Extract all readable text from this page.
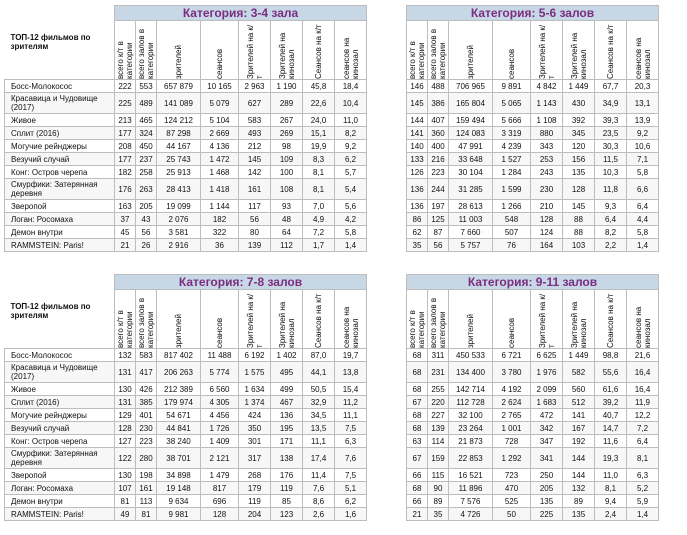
ТОП-12 фильмов по зрителям	Категория: 3-4 зала							

	всего к/т в категории	всего залов в категории	зрителей	сеансов	Зрителей на к/т	Зрителей на кинозал	Сеансов на к/т	сеансов на кинозал

Босс-Молокосос	222	553	657 879	10 165	2 963	1 190	45,8	18,4
Красавица и Чудовище (2017)	225	489	141 089	5 079	627	289	22,6	10,4
Живое	213	465	124 212	5 104	583	267	24,0	11,0
Сплит (2016)	177	324	87 298	2 669	493	269	15,1	8,2
Могучие рейнджеры	208	450	44 167	4 136	212	98	19,9	9,2
Везучий случай	177	237	25 743	1 472	145	109	8,3	6,2
Конг: Остров черепа	182	258	25 913	1 468	142	100	8,1	5,7
Смурфики: Затерянная деревня	176	263	28 413	1 418	161	108	8,1	5,4
Зверопой	163	205	19 099	1 144	117	93	7,0	5,6
Логан: Росомаха	37	43	2 076	182	56	48	4,9	4,2
Демон внутри	45	56	3 581	322	80	64	7,2	5,8
RAMMSTEIN: Paris!	21	26	2 916	36	139	112	1,7	1,4
Категория: 5-6 залов							

всего к/т в категории	всего залов в категории	зрителей	сеансов	Зрителей на к/т	Зрителей на кинозал	Сеансов на к/т	сеансов на кинозал

146	488	706 965	9 891	4 842	1 449	67,7	20,3
145	386	165 804	5 065	1 143	430	34,9	13,1
144	407	159 494	5 666	1 108	392	39,3	13,9
141	360	124 083	3 319	880	345	23,5	9,2
140	400	47 991	4 239	343	120	30,3	10,6
133	216	33 648	1 527	253	156	11,5	7,1
126	223	30 104	1 284	243	135	10,3	5,8
136	244	31 285	1 599	230	128	11,8	6,6
136	197	28 613	1 266	210	145	9,3	6,4
86	125	11 003	548	128	88	6,4	4,4
62	87	7 660	507	124	88	8,2	5,8
35	56	5 757	76	164	103	2,2	1,4
ТОП-12 фильмов по зрителям	Категория: 7-8 залов							

	всего к/т в категории	всего залов в категории	зрителей	сеансов	Зрителей на к/т	Зрителей на кинозал	Сеансов на к/т	сеансов на кинозал

Босс-Молокосос	132	583	817 402	11 488	6 192	1 402	87,0	19,7
Красавица и Чудовище (2017)	131	417	206 263	5 774	1 575	495	44,1	13,8
Живое	130	426	212 389	6 560	1 634	499	50,5	15,4
Сплит (2016)	131	385	179 974	4 305	1 374	467	32,9	11,2
Могучие рейнджеры	129	401	54 671	4 456	424	136	34,5	11,1
Везучий случай	128	230	44 841	1 726	350	195	13,5	7,5
Конг: Остров черепа	127	223	38 240	1 409	301	171	11,1	6,3
Смурфики: Затерянная деревня	122	280	38 701	2 121	317	138	17,4	7,6
Зверопой	130	198	34 898	1 479	268	176	11,4	7,5
Логан: Росомаха	107	161	19 148	817	179	119	7,6	5,1
Демон внутри	81	113	9 634	696	119	85	8,6	6,2
RAMMSTEIN: Paris!	49	81	9 981	128	204	123	2,6	1,6
Категория: 9-11 залов							

всего к/т в категории	всего залов в категории	зрителей	сеансов	Зрителей на к/т	Зрителей на кинозал	Сеансов на к/т	сеансов на кинозал

68	311	450 533	6 721	6 625	1 449	98,8	21,6
68	231	134 400	3 780	1 976	582	55,6	16,4
68	255	142 714	4 192	2 099	560	61,6	16,4
67	220	112 728	2 624	1 683	512	39,2	11,9
68	227	32 100	2 765	472	141	40,7	12,2
68	139	23 264	1 001	342	167	14,7	7,2
63	114	21 873	728	347	192	11,6	6,4
67	159	22 853	1 292	341	144	19,3	8,1
66	115	16 521	723	250	144	11,0	6,3
68	90	11 896	470	205	132	8,1	5,2
66	89	7 576	525	135	89	9,4	5,9
21	35	4 726	50	225	135	2,4	1,4
